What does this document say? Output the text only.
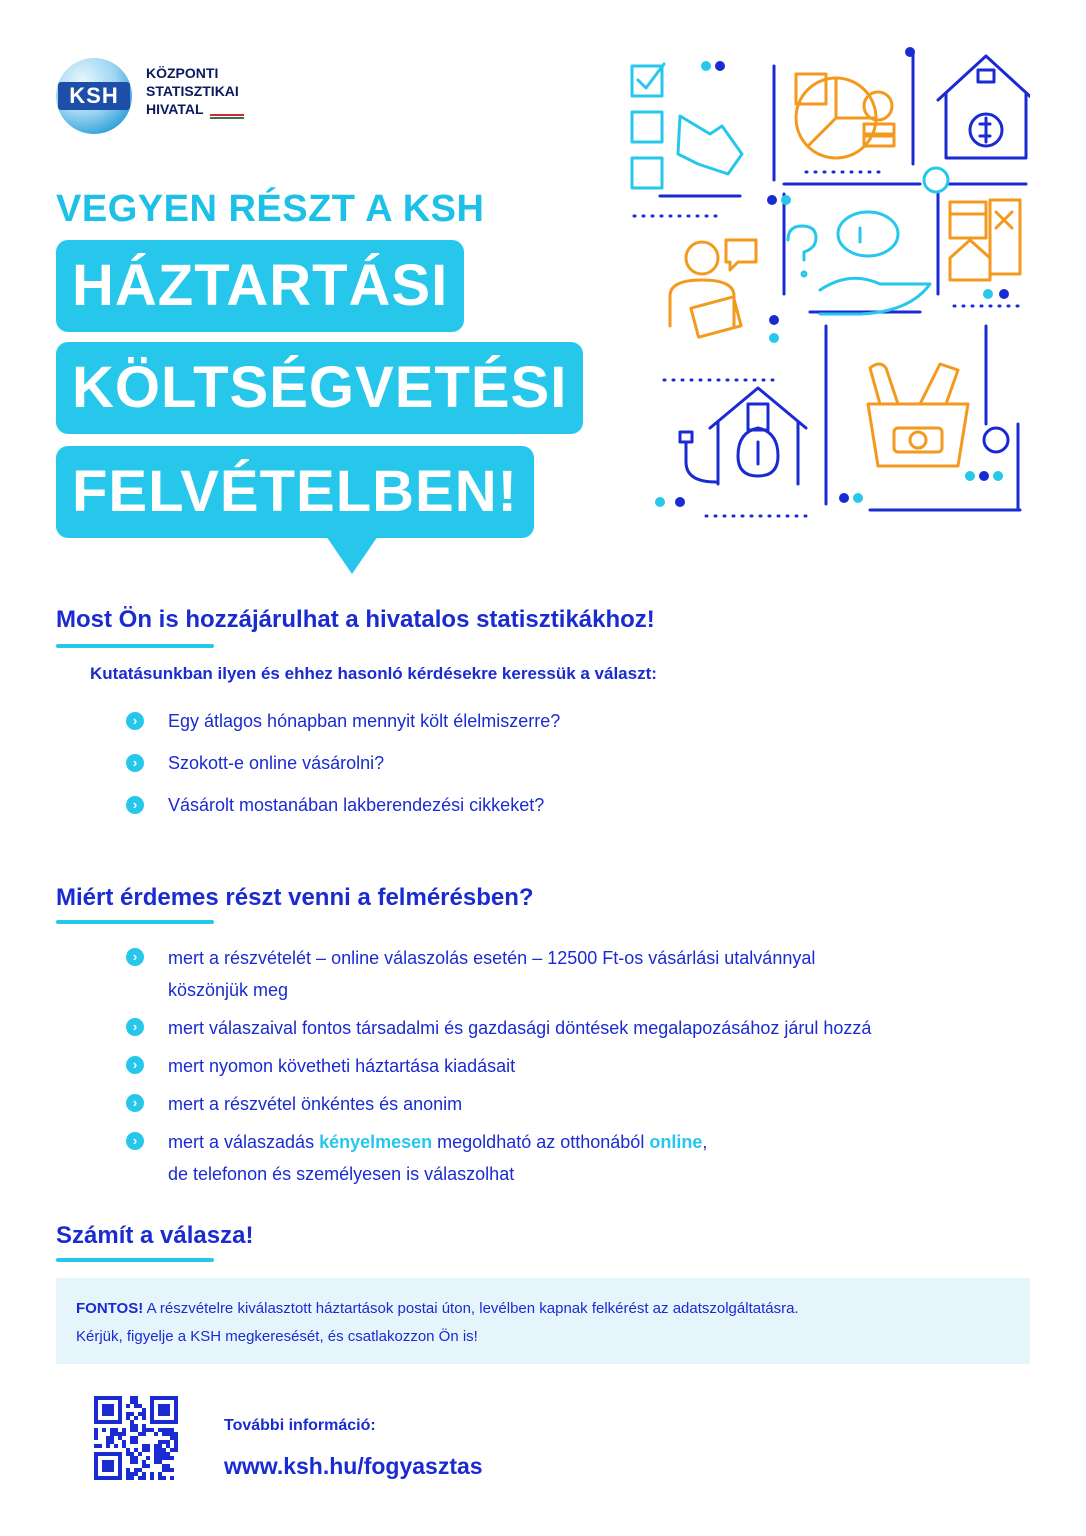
KSH
KÖZPONTI
STATISZTIKAI
HIVATAL
VEGYEN RÉSZT A KSH
HÁZTARTÁSI
KÖLTSÉGVETÉSI
FELVÉTELBEN!
Most Ön is hozzájárulhat a hivatalos statisztikákhoz!
Kutatásunkban ilyen és ehhez hasonló kérdésekre keressük a választ:
›	Egy átlagos hónapban mennyit költ élelmiszerre?
›	Szokott-e online vásárolni?
›	Vásárolt mostanában lakberendezési cikkeket?
Miért érdemes részt venni a felmérésben?
›	mert a részvételét – online válaszolás esetén – 12500 Ft-os vásárlási utalvánnyal
köszönjük meg
›	mert válaszaival fontos társadalmi és gazdasági döntések megalapozásához járul hozzá
›	mert nyomon követheti háztartása kiadásait
›	mert a részvétel önkéntes és anonim
›	mert a válaszadás kényelmesen megoldható az otthonából online,
de telefonon és személyesen is válaszolhat
Számít a válasza!

FONTOS! A részvételre kiválasztott háztartások postai úton, levélben kapnak felkérést az adatszolgáltatásra.

Kérjük, figyelje a KSH megkeresését, és csatlakozzon Ön is!

További információ:
www.ksh.hu/fogyasztas
